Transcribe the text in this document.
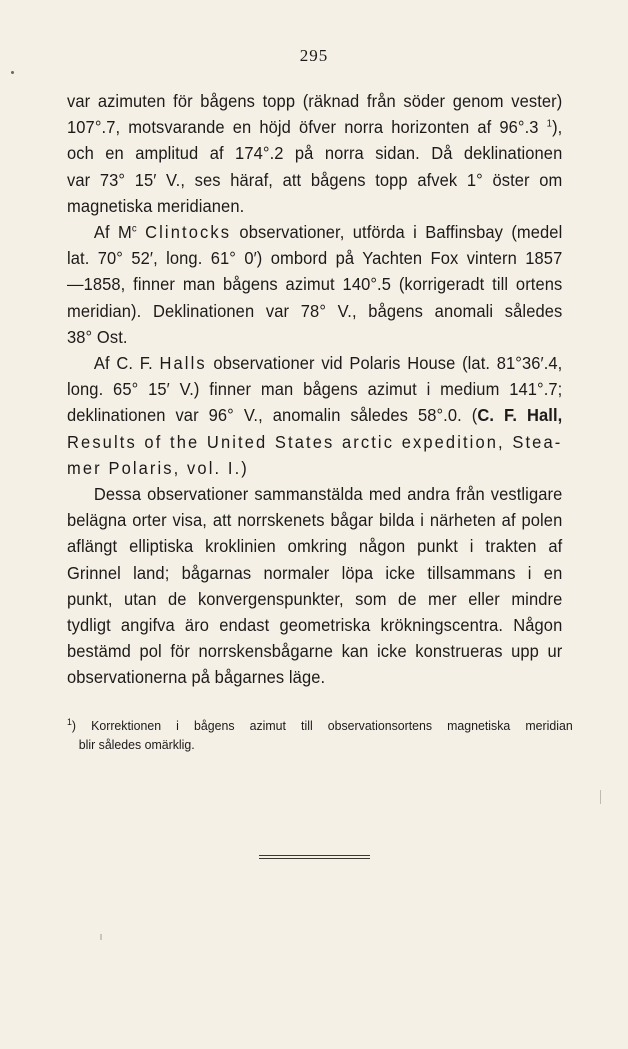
295
var azimuten för bågens topp (räknad från söder genom vester)
107°.7, motsvarande en höjd öfver norra horizonten af 96°.3 $^1$),
och en amplitud af 174°.2 på norra sidan. Då deklinationen
var 73° 15′ V., ses häraf, att bågens topp afvek 1° öster om
magnetiska meridianen.
Af $M^c$ Clintocks observationer, utförda i Baffinsbay (medel
lat. 70° 52′, long. 61° 0′) ombord på Yachten Fox vintern 1857
—1858, finner man bågens azimut 140°.5 (korrigeradt till ortens
meridian). Deklinationen var 78° V., bågens anomali således
38° Ost.
Af C. F. Halls observationer vid Polaris House (lat. 81°36′.4,
long. 65° 15′ V.) finner man bågens azimut i medium 141°.7;
deklinationen var 96° V., anomalin således 58°.0. (C. F. Hall,
Results of the United States arctic expedition, Stea-
mer Polaris, vol. I.)
Dessa observationer sammanstälda med andra från vestligare
belägna orter visa, att norrskenets bågar bilda i närheten af polen
aflängt elliptiska kroklinien omkring någon punkt i trakten af
Grinnel land; bågarnas normaler löpa icke tillsammans i en
punkt, utan de konvergenspunkter, som de mer eller mindre
tydligt angifva äro endast geometriska krökningscentra. Någon
bestämd pol för norrskensbågarne kan icke konstrueras upp ur
observationerna på bågarnes läge.
$^1$) Korrektionen i bågens azimut till observationsortens magnetiska meridian
blir således omärklig.
